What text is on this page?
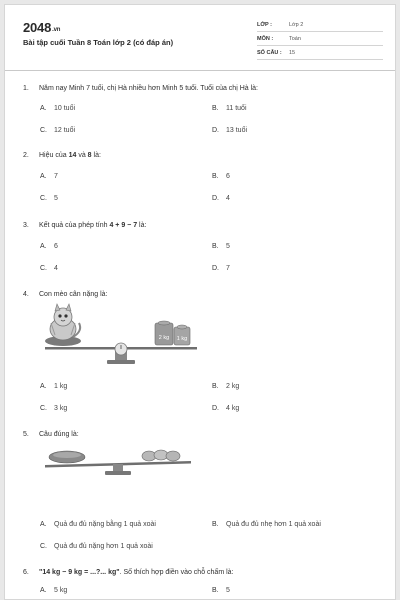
2048.vn
Bài tập cuối Tuần 8 Toán lớp 2 (có đáp án)
LỚP :	Lớp 2
MÔN :	Toán
SỐ CÂU : 15
1. Năm nay Minh 7 tuổi, chị Hà nhiều hơn Minh 5 tuổi. Tuổi của chị Hà là:
A. 10 tuổi	B. 11 tuổi
C. 12 tuổi	D. 13 tuổi
2. Hiệu của 14 và 8 là:
A. 7	B. 6
C. 5	D. 4
3. Kết quả của phép tính 4 + 9 − 7 là:
A. 6	B. 5
C. 4	D. 7
4. Con mèo cân nặng là:
2 kg 1 kg
A. 1 kg	B. 2 kg
C. 3 kg	D. 4 kg
5. Câu đúng là:
A. Quả đu đủ nặng bằng 1 quả xoài	B. Quả đu đủ nhẹ hơn 1 quả xoài
C. Quả đu đủ nặng hơn 1 quả xoài
6. "14 kg − 9 kg = ...?... kg". Số thích hợp điền vào chỗ chấm là:
A. 5 kg	B. 5
